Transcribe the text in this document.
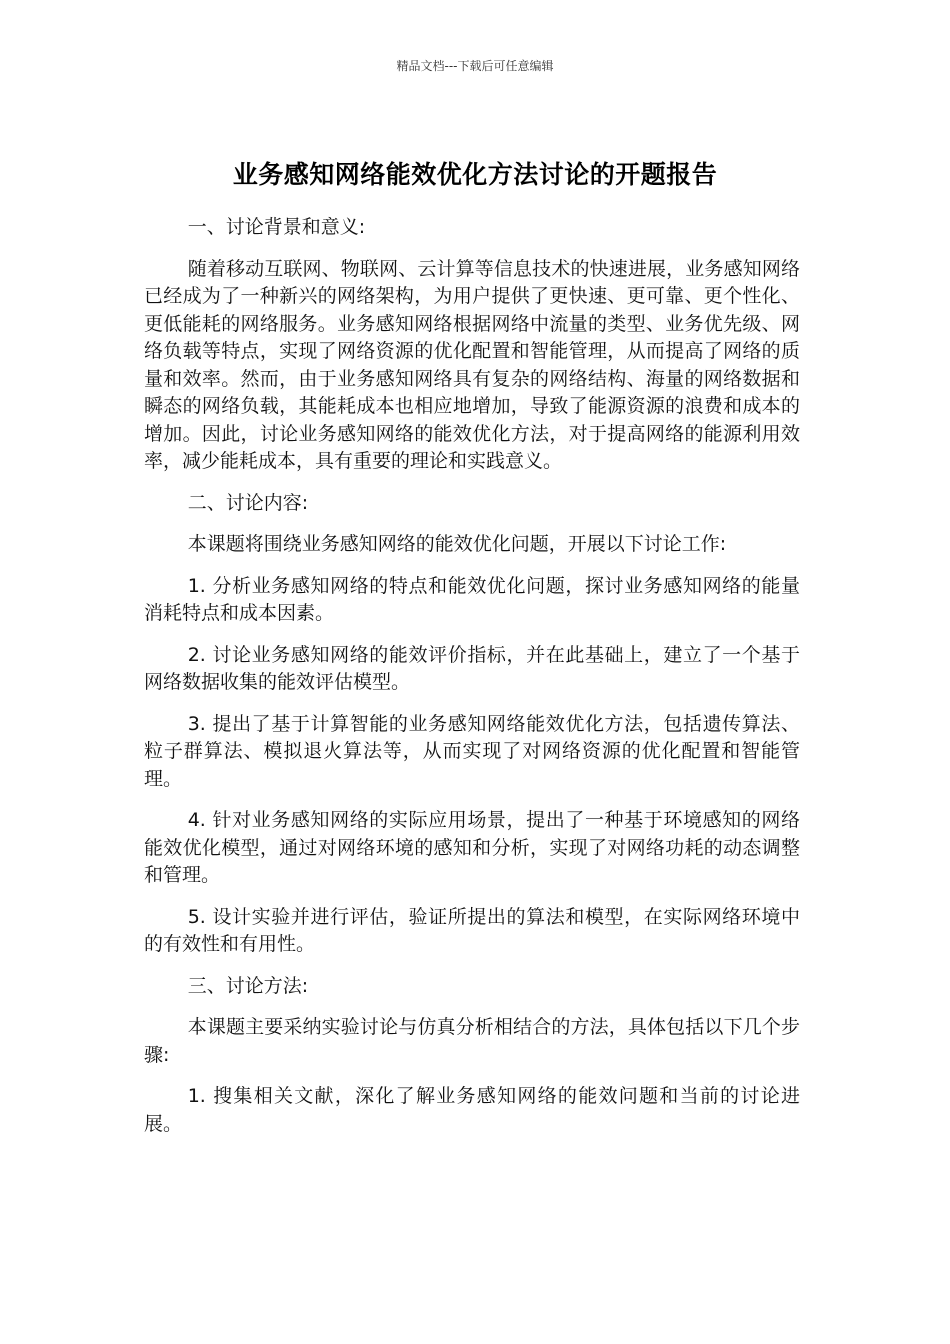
精品文档---下载后可任意编辑
业务感知网络能效优化方法讨论的开题报告

一、讨论背景和意义:

随着移动互联网、物联网、云计算等信息技术的快速进展，业务感知网络已经成为了一种新兴的网络架构，为用户提供了更快速、更可靠、更个性化、更低能耗的网络服务。业务感知网络根据网络中流量的类型、业务优先级、网络负载等特点，实现了网络资源的优化配置和智能管理，从而提高了网络的质量和效率。然而，由于业务感知网络具有复杂的网络结构、海量的网络数据和瞬态的网络负载，其能耗成本也相应地增加，导致了能源资源的浪费和成本的增加。因此，讨论业务感知网络的能效优化方法，对于提高网络的能源利用效率，减少能耗成本，具有重要的理论和实践意义。

二、讨论内容:

本课题将围绕业务感知网络的能效优化问题，开展以下讨论工作:

1. 分析业务感知网络的特点和能效优化问题，探讨业务感知网络的能量消耗特点和成本因素。

2. 讨论业务感知网络的能效评价指标，并在此基础上，建立了一个基于网络数据收集的能效评估模型。

3. 提出了基于计算智能的业务感知网络能效优化方法，包括遗传算法、粒子群算法、模拟退火算法等，从而实现了对网络资源的优化配置和智能管理。

4. 针对业务感知网络的实际应用场景，提出了一种基于环境感知的网络能效优化模型，通过对网络环境的感知和分析，实现了对网络功耗的动态调整和管理。

5. 设计实验并进行评估，验证所提出的算法和模型，在实际网络环境中的有效性和有用性。

三、讨论方法:

本课题主要采纳实验讨论与仿真分析相结合的方法，具体包括以下几个步骤:

1. 搜集相关文献，深化了解业务感知网络的能效问题和当前的讨论进展。
